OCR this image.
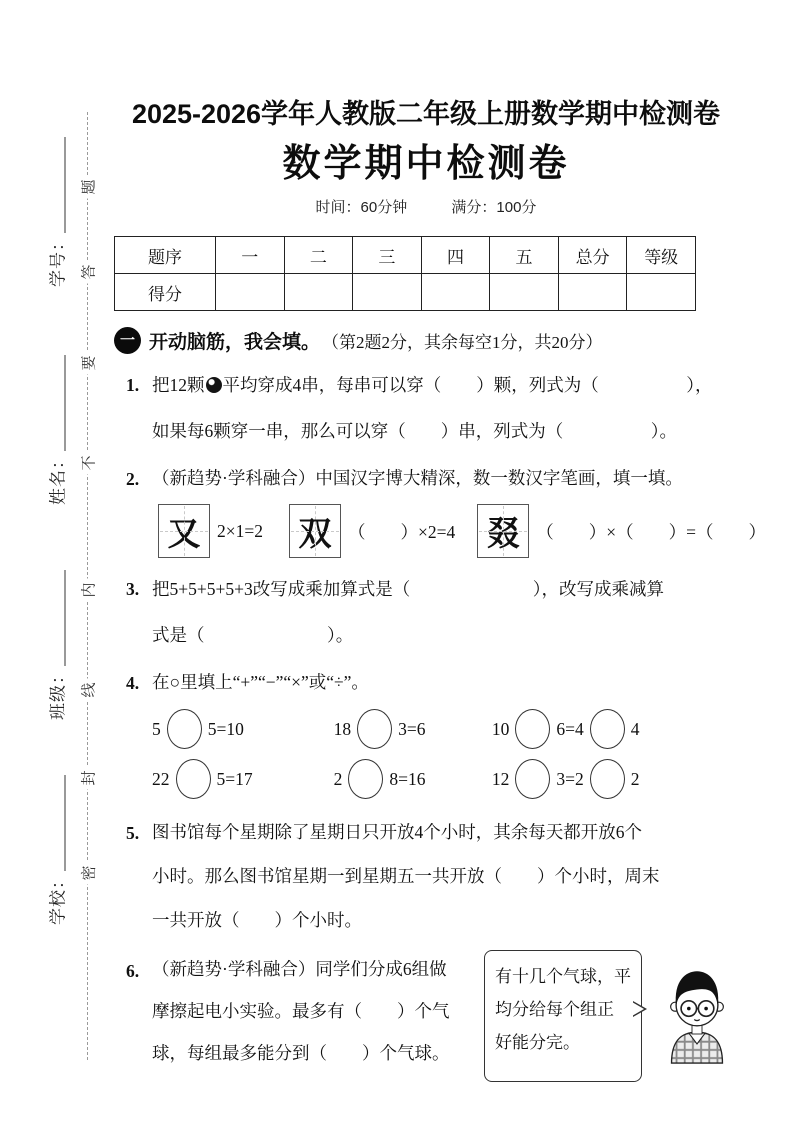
学号：
姓名：
班级：
学校：
题
答
要
不
内
线
封
密
2025-2026学年人教版二年级上册数学期中检测卷
数学期中检测卷
时间：60分钟	满分：100分
题序	一	二	三	四	五	总分	等级
得分							
一 开动脑筋，我会填。 （第2题2分，其余每空1分，共20分）
1. 把12颗 平均穿成4串，每串可以穿（　　）颗，列式为（　　　　　），
如果每6颗穿一串，那么可以穿（　　）串，列式为（　　　　　）。
2. （新趋势·学科融合）中国汉字博大精深，数一数汉字笔画，填一填。
又 2×1=2 双 （　　）×2=4 叕 （　　）×（　　）=（　　）
3. 把5+5+5+5+3改写成乘加算式是（　　　　　　　），改写成乘减算
式是（　　　　　　　）。
4. 在○里填上“+”“−”“×”或“÷”。
5	5=10	18	3=6	10	6=4	4
22	5=17	2	8=16	12	3=2	2
5. 图书馆每个星期除了星期日只开放4个小时，其余每天都开放6个
小时。那么图书馆星期一到星期五一共开放（　　）个小时，周末
一共开放（　　）个小时。
6. （新趋势·学科融合）同学们分成6组做
摩擦起电小实验。最多有（　　）个气
球，每组最多能分到（　　）个气球。
有十几个气球，平
均分给每个组正
好能分完。
